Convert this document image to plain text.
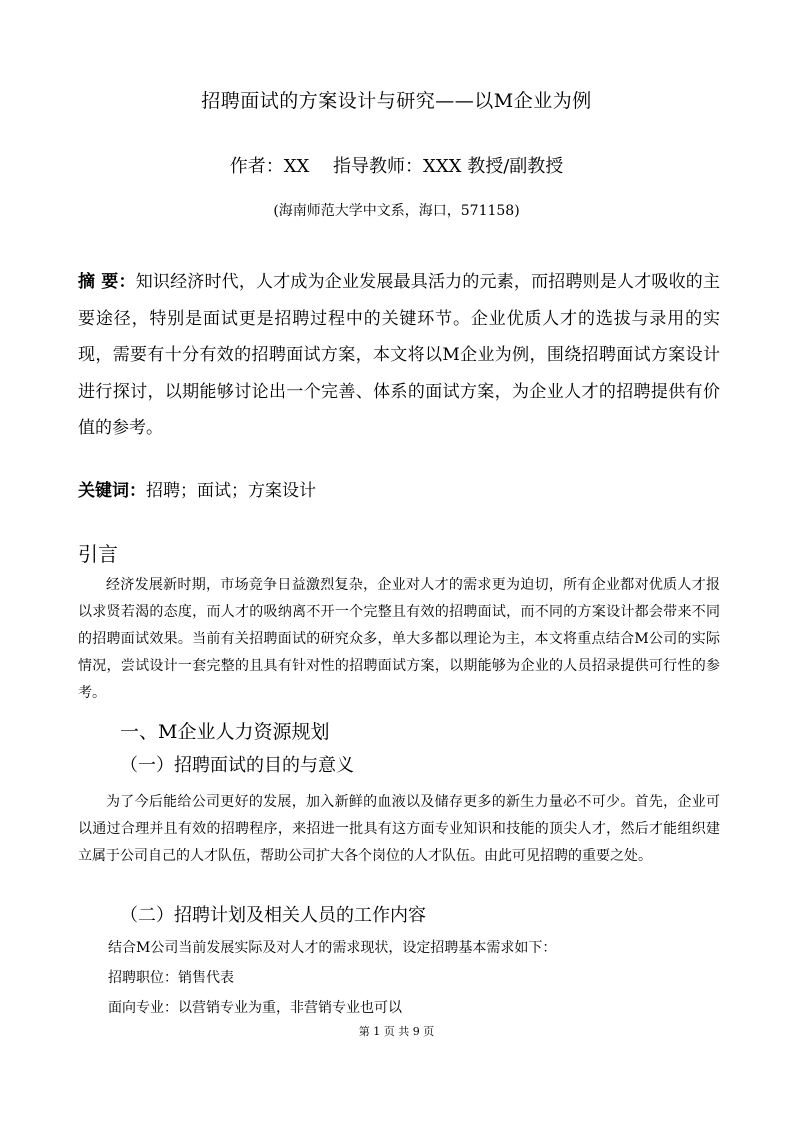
招聘面试的方案设计与研究——以M企业为例
作者：XX　 指导教师：XXX 教授/副教授
(海南师范大学中文系，海口，571158)
摘 要：知识经济时代，人才成为企业发展最具活力的元素，而招聘则是人才吸收的主要途径，特别是面试更是招聘过程中的关键环节。企业优质人才的选拔与录用的实现，需要有十分有效的招聘面试方案，本文将以M企业为例，围绕招聘面试方案设计进行探讨，以期能够讨论出一个完善、体系的面试方案，为企业人才的招聘提供有价值的参考。
关键词：招聘；面试；方案设计
引言
经济发展新时期，市场竞争日益激烈复杂，企业对人才的需求更为迫切，所有企业都对优质人才报以求贤若渴的态度，而人才的吸纳离不开一个完整且有效的招聘面试，而不同的方案设计都会带来不同的招聘面试效果。当前有关招聘面试的研究众多，单大多都以理论为主，本文将重点结合M公司的实际情况，尝试设计一套完整的且具有针对性的招聘面试方案，以期能够为企业的人员招录提供可行性的参考。
一、M企业人力资源规划
（一）招聘面试的目的与意义
为了今后能给公司更好的发展，加入新鲜的血液以及储存更多的新生力量必不可少。首先，企业可以通过合理并且有效的招聘程序，来招进一批具有这方面专业知识和技能的顶尖人才，然后才能组织建立属于公司自己的人才队伍，帮助公司扩大各个岗位的人才队伍。由此可见招聘的重要之处。
（二）招聘计划及相关人员的工作内容
结合M公司当前发展实际及对人才的需求现状，设定招聘基本需求如下：
招聘职位：销售代表
面向专业：以营销专业为重，非营销专业也可以
第 1 页 共 9 页
